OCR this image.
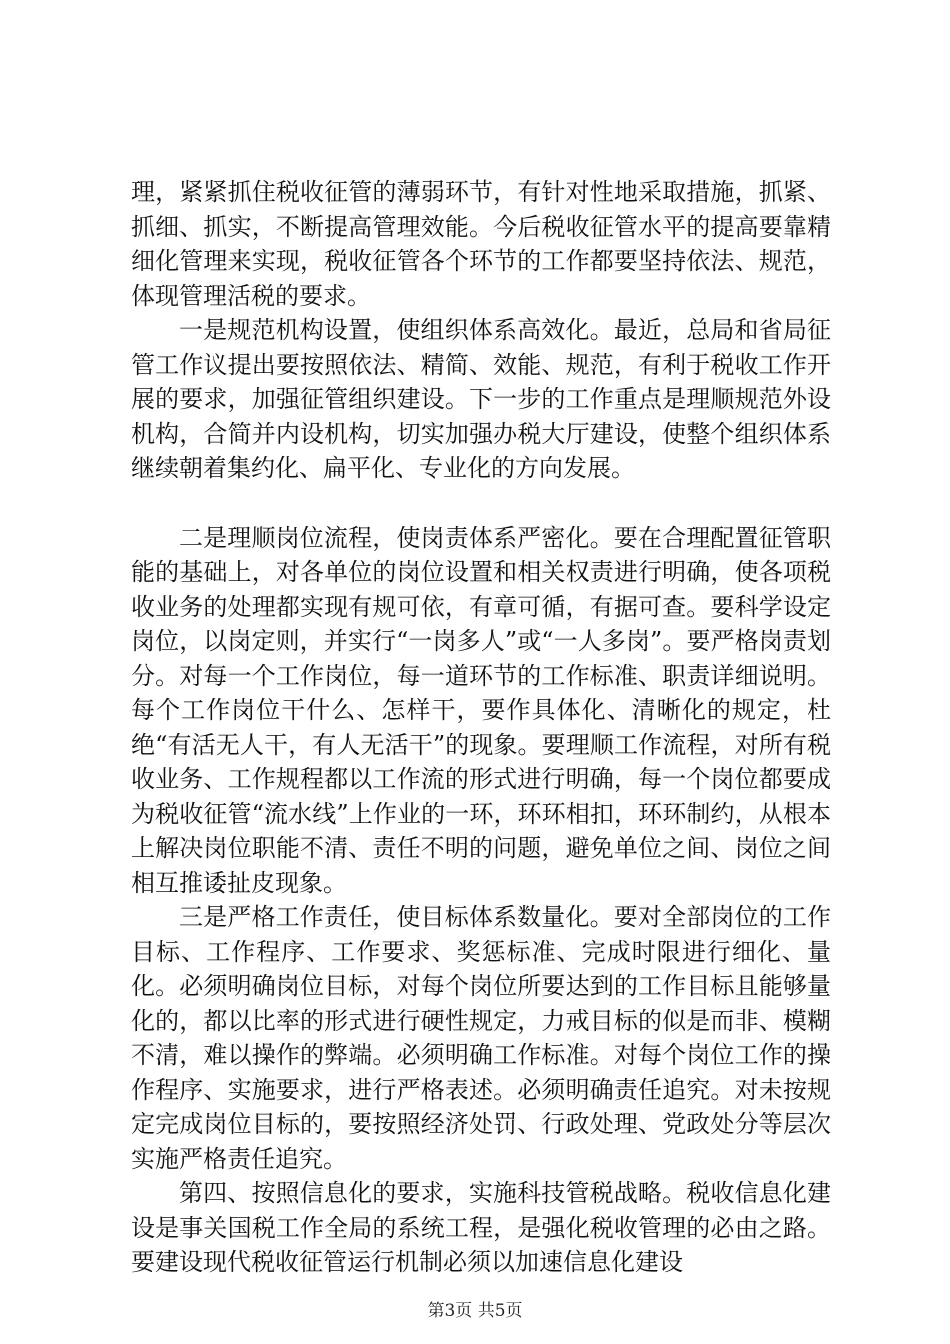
理，紧紧抓住税收征管的薄弱环节，有针对性地采取措施，抓紧、抓细、抓实，不断提高管理效能。今后税收征管水平的提高要靠精细化管理来实现，税收征管各个环节的工作都要坚持依法、规范，体现管理活税的要求。

一是规范机构设置，使组织体系高效化。最近，总局和省局征管工作议提出要按照依法、精简、效能、规范，有利于税收工作开展的要求，加强征管组织建设。下一步的工作重点是理顺规范外设机构，合简并内设机构，切实加强办税大厅建设，使整个组织体系继续朝着集约化、扁平化、专业化的方向发展。

二是理顺岗位流程，使岗责体系严密化。要在合理配置征管职能的基础上，对各单位的岗位设置和相关权责进行明确，使各项税收业务的处理都实现有规可依，有章可循，有据可查。要科学设定岗位，以岗定则，并实行“一岗多人”或“一人多岗”。要严格岗责划分。对每一个工作岗位，每一道环节的工作标准、职责详细说明。每个工作岗位干什么、怎样干，要作具体化、清晰化的规定，杜绝“有活无人干，有人无活干”的现象。要理顺工作流程，对所有税收业务、工作规程都以工作流的形式进行明确，每一个岗位都要成为税收征管“流水线”上作业的一环，环环相扣，环环制约，从根本上解决岗位职能不清、责任不明的问题，避免单位之间、岗位之间相互推诿扯皮现象。

三是严格工作责任，使目标体系数量化。要对全部岗位的工作目标、工作程序、工作要求、奖惩标准、完成时限进行细化、量化。必须明确岗位目标，对每个岗位所要达到的工作目标且能够量化的，都以比率的形式进行硬性规定，力戒目标的似是而非、模糊不清，难以操作的弊端。必须明确工作标准。对每个岗位工作的操作程序、实施要求，进行严格表述。必须明确责任追究。对未按规定完成岗位目标的，要按照经济处罚、行政处理、党政处分等层次实施严格责任追究。

第四、按照信息化的要求，实施科技管税战略。税收信息化建设是事关国税工作全局的系统工程，是强化税收管理的必由之路。要建设现代税收征管运行机制必须以加速信息化建设

第3页 共5页
